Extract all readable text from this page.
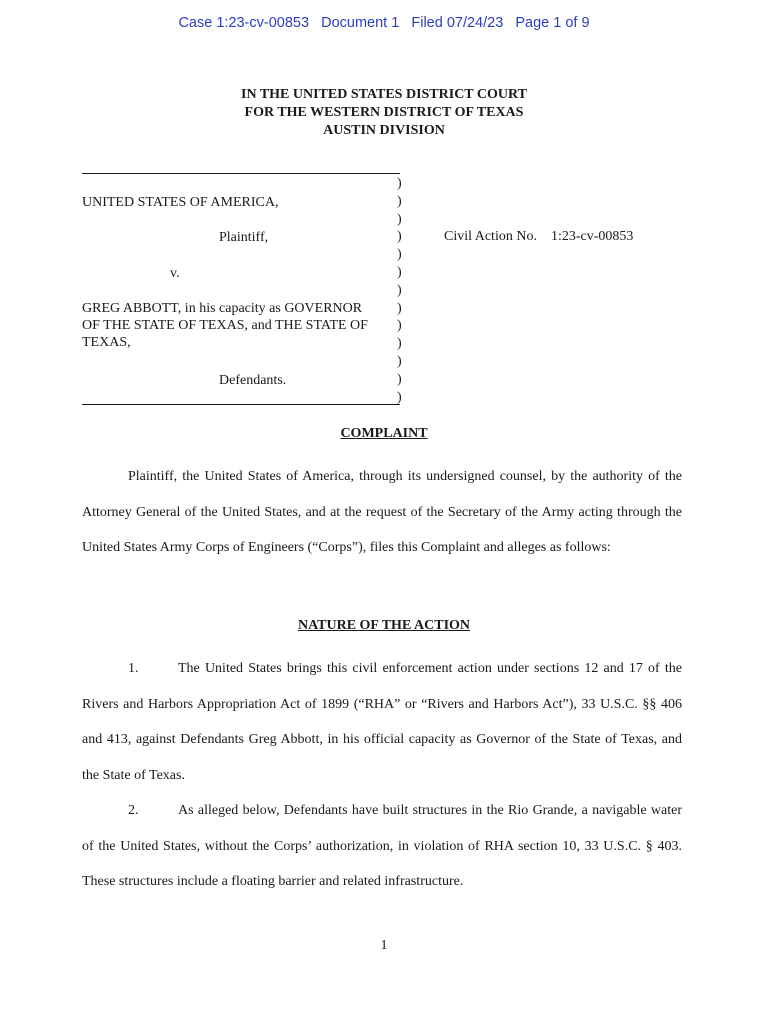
Case 1:23-cv-00853   Document 1   Filed 07/24/23   Page 1 of 9
IN THE UNITED STATES DISTRICT COURT
FOR THE WESTERN DISTRICT OF TEXAS
AUSTIN DIVISION
)
)
)
)
)
)
)
)
)
)
)
)
)
UNITED STATES OF AMERICA,
Plaintiff,
v.
GREG ABBOTT, in his capacity as GOVERNOR
OF THE STATE OF TEXAS, and THE STATE OF
TEXAS,
Defendants.
Civil Action No.    1:23-cv-00853
COMPLAINT
Plaintiff, the United States of America, through its undersigned counsel, by the authority of the Attorney General of the United States, and at the request of the Secretary of the Army acting through the United States Army Corps of Engineers (“Corps”), files this Complaint and alleges as follows:
NATURE OF THE ACTION
1.	The United States brings this civil enforcement action under sections 12 and 17 of the Rivers and Harbors Appropriation Act of 1899 (“RHA” or “Rivers and Harbors Act”), 33 U.S.C. §§ 406 and 413, against Defendants Greg Abbott, in his official capacity as Governor of the State of Texas, and the State of Texas.
2.	As alleged below, Defendants have built structures in the Rio Grande, a navigable water of the United States, without the Corps’ authorization, in violation of RHA section 10, 33 U.S.C. § 403. These structures include a floating barrier and related infrastructure.
1
